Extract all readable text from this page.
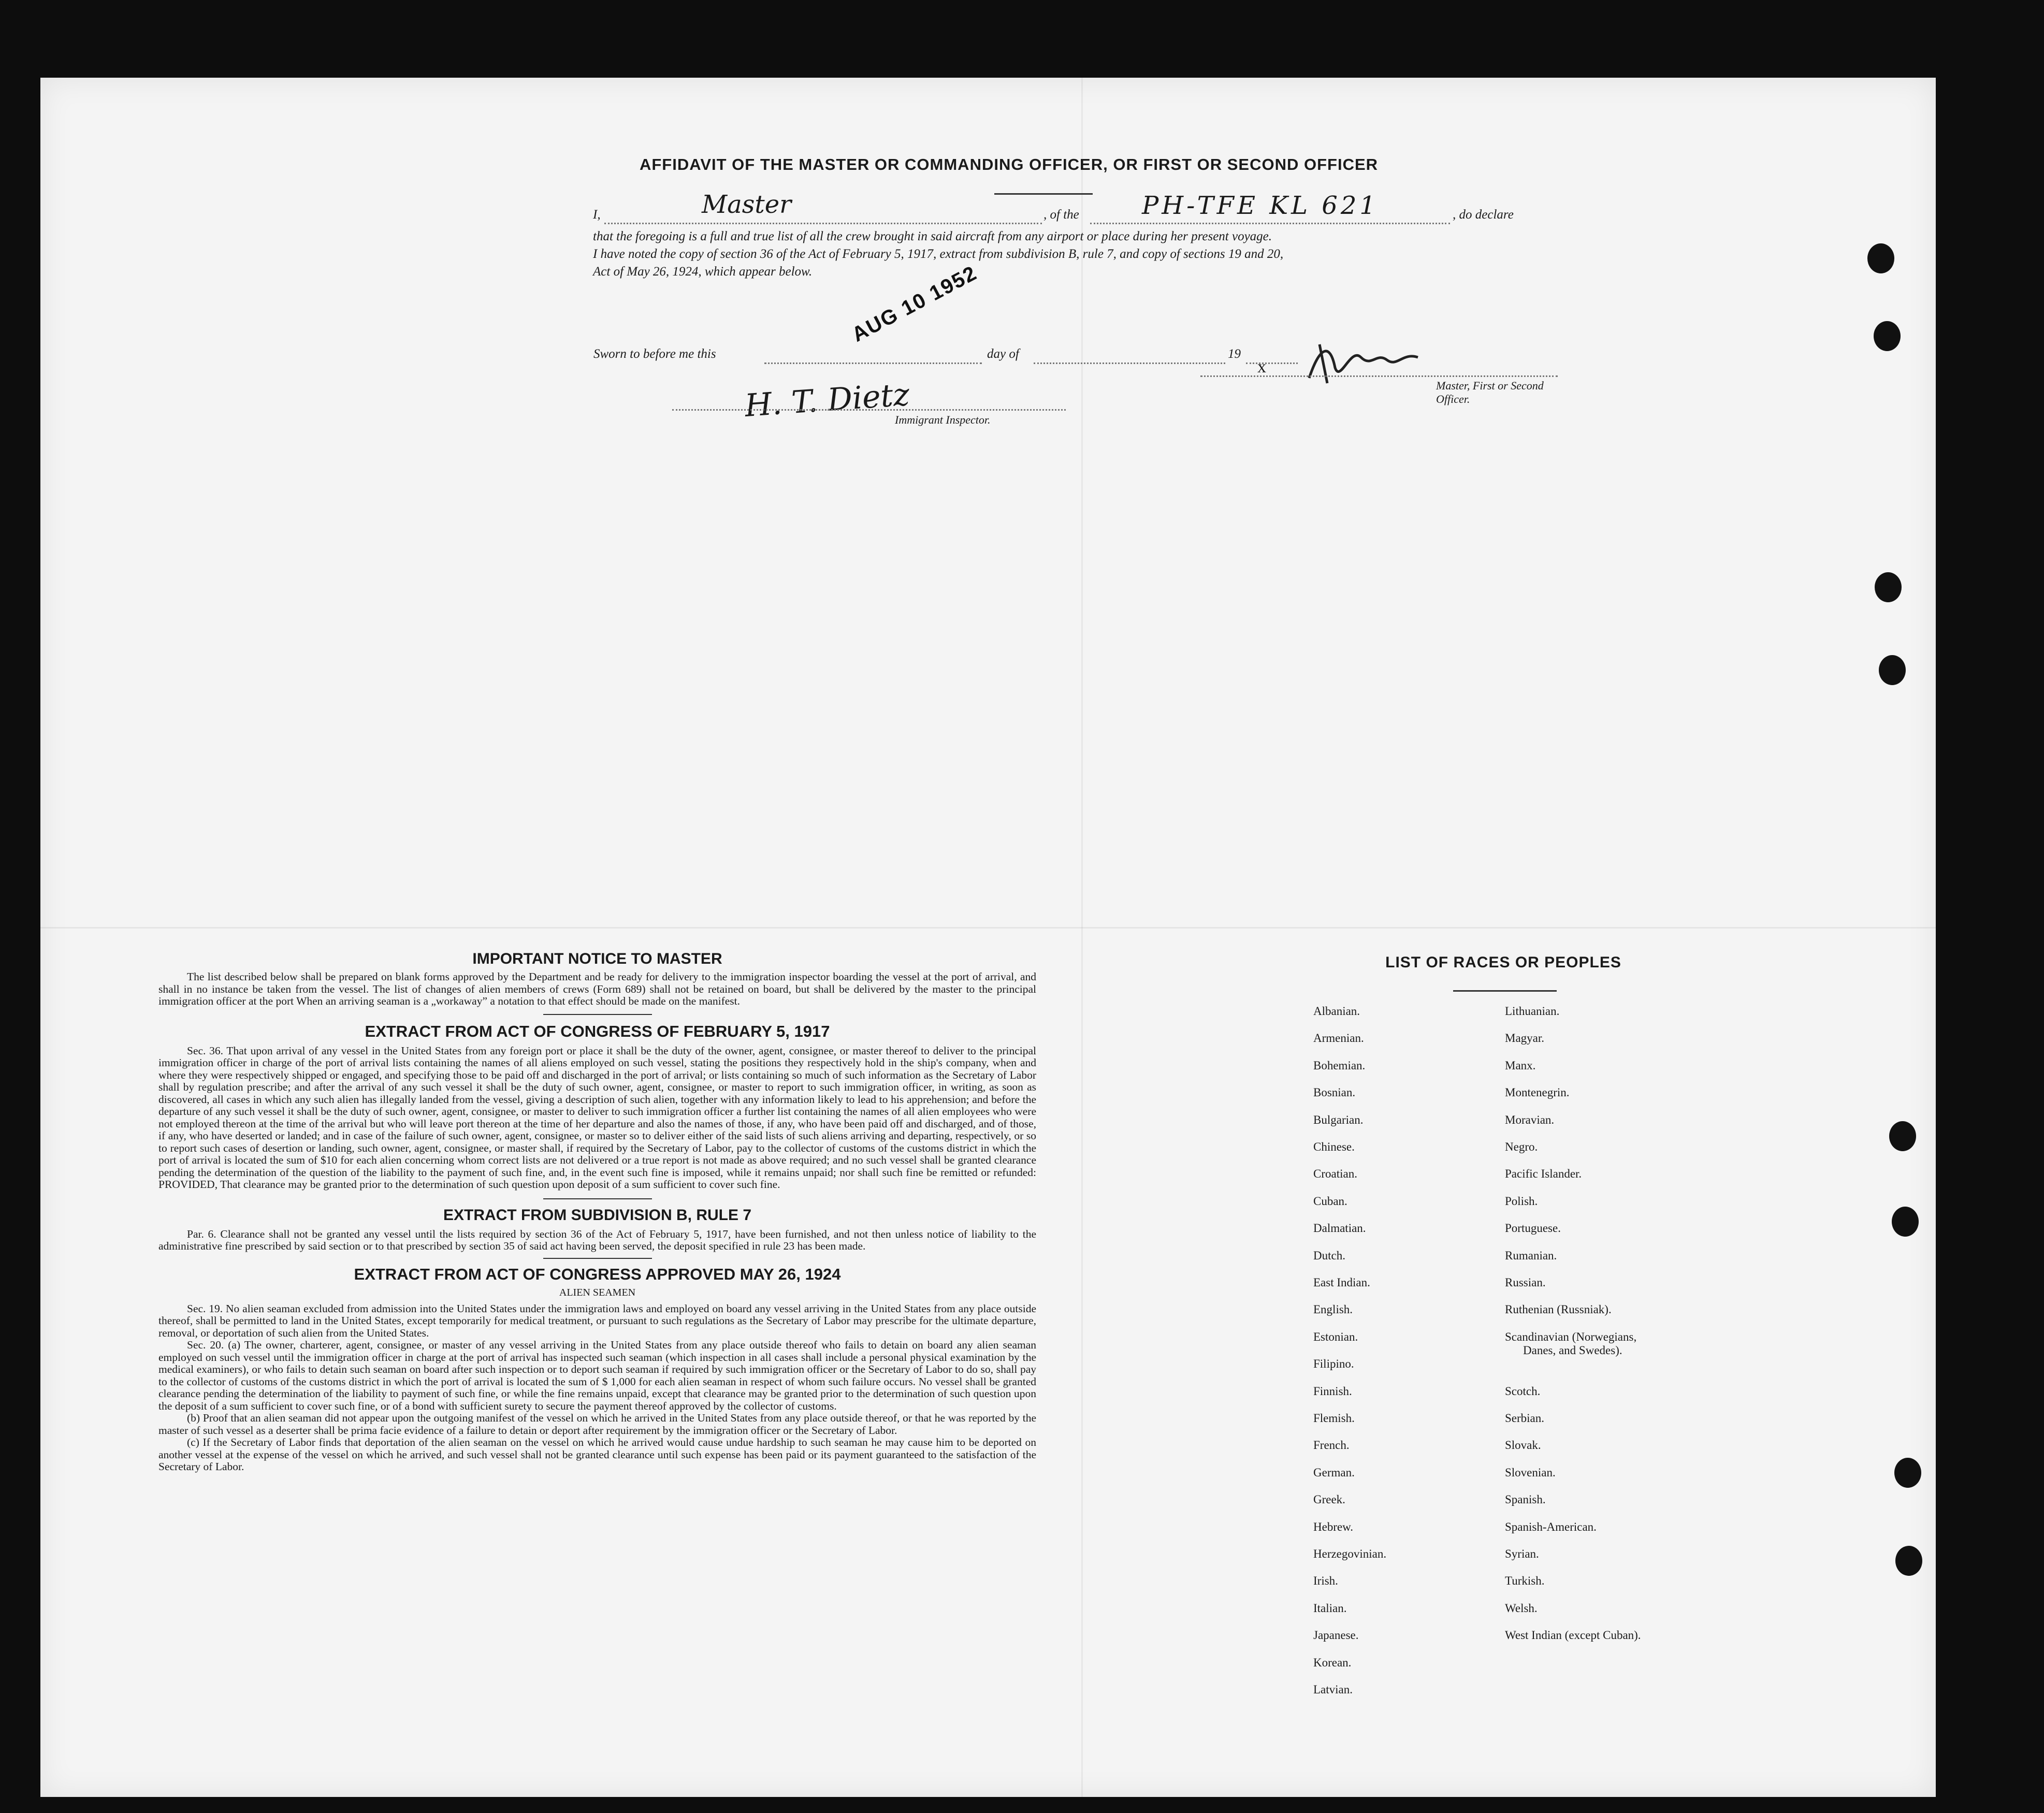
AFFIDAVIT OF THE MASTER OR COMMANDING OFFICER, OR FIRST OR SECOND OFFICER
I,	Master	, of the	PH-TFE KL 621	, do declare
that the foregoing is a full and true list of all the crew brought in said aircraft from any airport or place during her present voyage.
I have noted the copy of section 36 of the Act of February 5, 1917, extract from subdivision B, rule 7, and copy of sections 19 and 20,
Act of May 26, 1924, which appear below.
x
Master, First or Second Officer.
Sworn to before me this	day of	19
AUG 10 1952
H. T. Dietz
Immigrant Inspector.
IMPORTANT NOTICE TO MASTER

The list described below shall be prepared on blank forms approved by the Department and be ready for delivery to the immigration inspector boarding the vessel at the port of arrival, and shall in no instance be taken from the vessel. The list of changes of alien members of crews (Form 689) shall not be retained on board, but shall be delivered by the master to the principal immigration officer at the port When an arriving seaman is a „workaway” a notation to that effect should be made on the manifest.

EXTRACT FROM ACT OF CONGRESS OF FEBRUARY 5, 1917

Sec. 36. That upon arrival of any vessel in the United States from any foreign port or place it shall be the duty of the owner, agent, consignee, or master thereof to deliver to the principal immigration officer in charge of the port of arrival lists containing the names of all aliens employed on such vessel, stating the positions they respectively hold in the ship's company, when and where they were respectively shipped or engaged, and specifying those to be paid off and discharged in the port of arrival; or lists containing so much of such information as the Secretary of Labor shall by regulation prescribe; and after the arrival of any such vessel it shall be the duty of such owner, agent, consignee, or master to report to such immigration officer, in writing, as soon as discovered, all cases in which any such alien has illegally landed from the vessel, giving a description of such alien, together with any information likely to lead to his apprehension; and before the departure of any such vessel it shall be the duty of such owner, agent, consignee, or master to deliver to such immigration officer a further list containing the names of all alien employees who were not employed thereon at the time of the arrival but who will leave port thereon at the time of her departure and also the names of those, if any, who have been paid off and discharged, and of those, if any, who have deserted or landed; and in case of the failure of such owner, agent, consignee, or master so to deliver either of the said lists of such aliens arriving and departing, respectively, or so to report such cases of desertion or landing, such owner, agent, consignee, or master shall, if required by the Secretary of Labor, pay to the collector of customs of the customs district in which the port of arrival is located the sum of $10 for each alien concerning whom correct lists are not delivered or a true report is not made as above required; and no such vessel shall be granted clearance pending the determination of the question of the liability to the payment of such fine, and, in the event such fine is imposed, while it remains unpaid; nor shall such fine be remitted or refunded: PROVIDED, That clearance may be granted prior to the determination of such question upon deposit of a sum sufficient to cover such fine.

EXTRACT FROM SUBDIVISION B, RULE 7

Par. 6. Clearance shall not be granted any vessel until the lists required by section 36 of the Act of February 5, 1917, have been furnished, and not then unless notice of liability to the administrative fine prescribed by said section or to that prescribed by section 35 of said act having been served, the deposit specified in rule 23 has been made.

EXTRACT FROM ACT OF CONGRESS APPROVED MAY 26, 1924
ALIEN SEAMEN

Sec. 19. No alien seaman excluded from admission into the United States under the immigration laws and employed on board any vessel arriving in the United States from any place outside thereof, shall be permitted to land in the United States, except temporarily for medical treatment, or pursuant to such regulations as the Secretary of Labor may prescribe for the ultimate departure, removal, or deportation of such alien from the United States.

Sec. 20. (a) The owner, charterer, agent, consignee, or master of any vessel arriving in the United States from any place outside thereof who fails to detain on board any alien seaman employed on such vessel until the immigration officer in charge at the port of arrival has inspected such seaman (which inspection in all cases shall include a personal physical examination by the medical examiners), or who fails to detain such seaman on board after such inspection or to deport such seaman if required by such immigration officer or the Secretary of Labor to do so, shall pay to the collector of customs of the customs district in which the port of arrival is located the sum of $ 1,000 for each alien seaman in respect of whom such failure occurs. No vessel shall be granted clearance pending the determination of the liability to payment of such fine, or while the fine remains unpaid, except that clearance may be granted prior to the determination of such question upon the deposit of a sum sufficient to cover such fine, or of a bond with sufficient surety to secure the payment thereof approved by the collector of customs.

(b) Proof that an alien seaman did not appear upon the outgoing manifest of the vessel on which he arrived in the United States from any place outside thereof, or that he was reported by the master of such vessel as a deserter shall be prima facie evidence of a failure to detain or deport after requirement by the immigration officer or the Secretary of Labor.

(c) If the Secretary of Labor finds that deportation of the alien seaman on the vessel on which he arrived would cause undue hardship to such seaman he may cause him to be deported on another vessel at the expense of the vessel on which he arrived, and such vessel shall not be granted clearance until such expense has been paid or its payment guaranteed to the satisfaction of the Secretary of Labor.

LIST OF RACES OR PEOPLES
Albanian.
Armenian.
Bohemian.
Bosnian.
Bulgarian.
Chinese.
Croatian.
Cuban.
Dalmatian.
Dutch.
East Indian.
English.
Estonian.
Filipino.
Finnish.
Flemish.
French.
German.
Greek.
Hebrew.
Herzegovinian.
Irish.
Italian.
Japanese.
Korean.
Latvian.
Lithuanian.
Magyar.
Manx.
Montenegrin.
Moravian.
Negro.
Pacific Islander.
Polish.
Portuguese.
Rumanian.
Russian.
Ruthenian (Russniak).
Scandinavian (Norwegians,
Danes, and Swedes).
Scotch.
Serbian.
Slovak.
Slovenian.
Spanish.
Spanish-American.
Syrian.
Turkish.
Welsh.
West Indian (except Cuban).
